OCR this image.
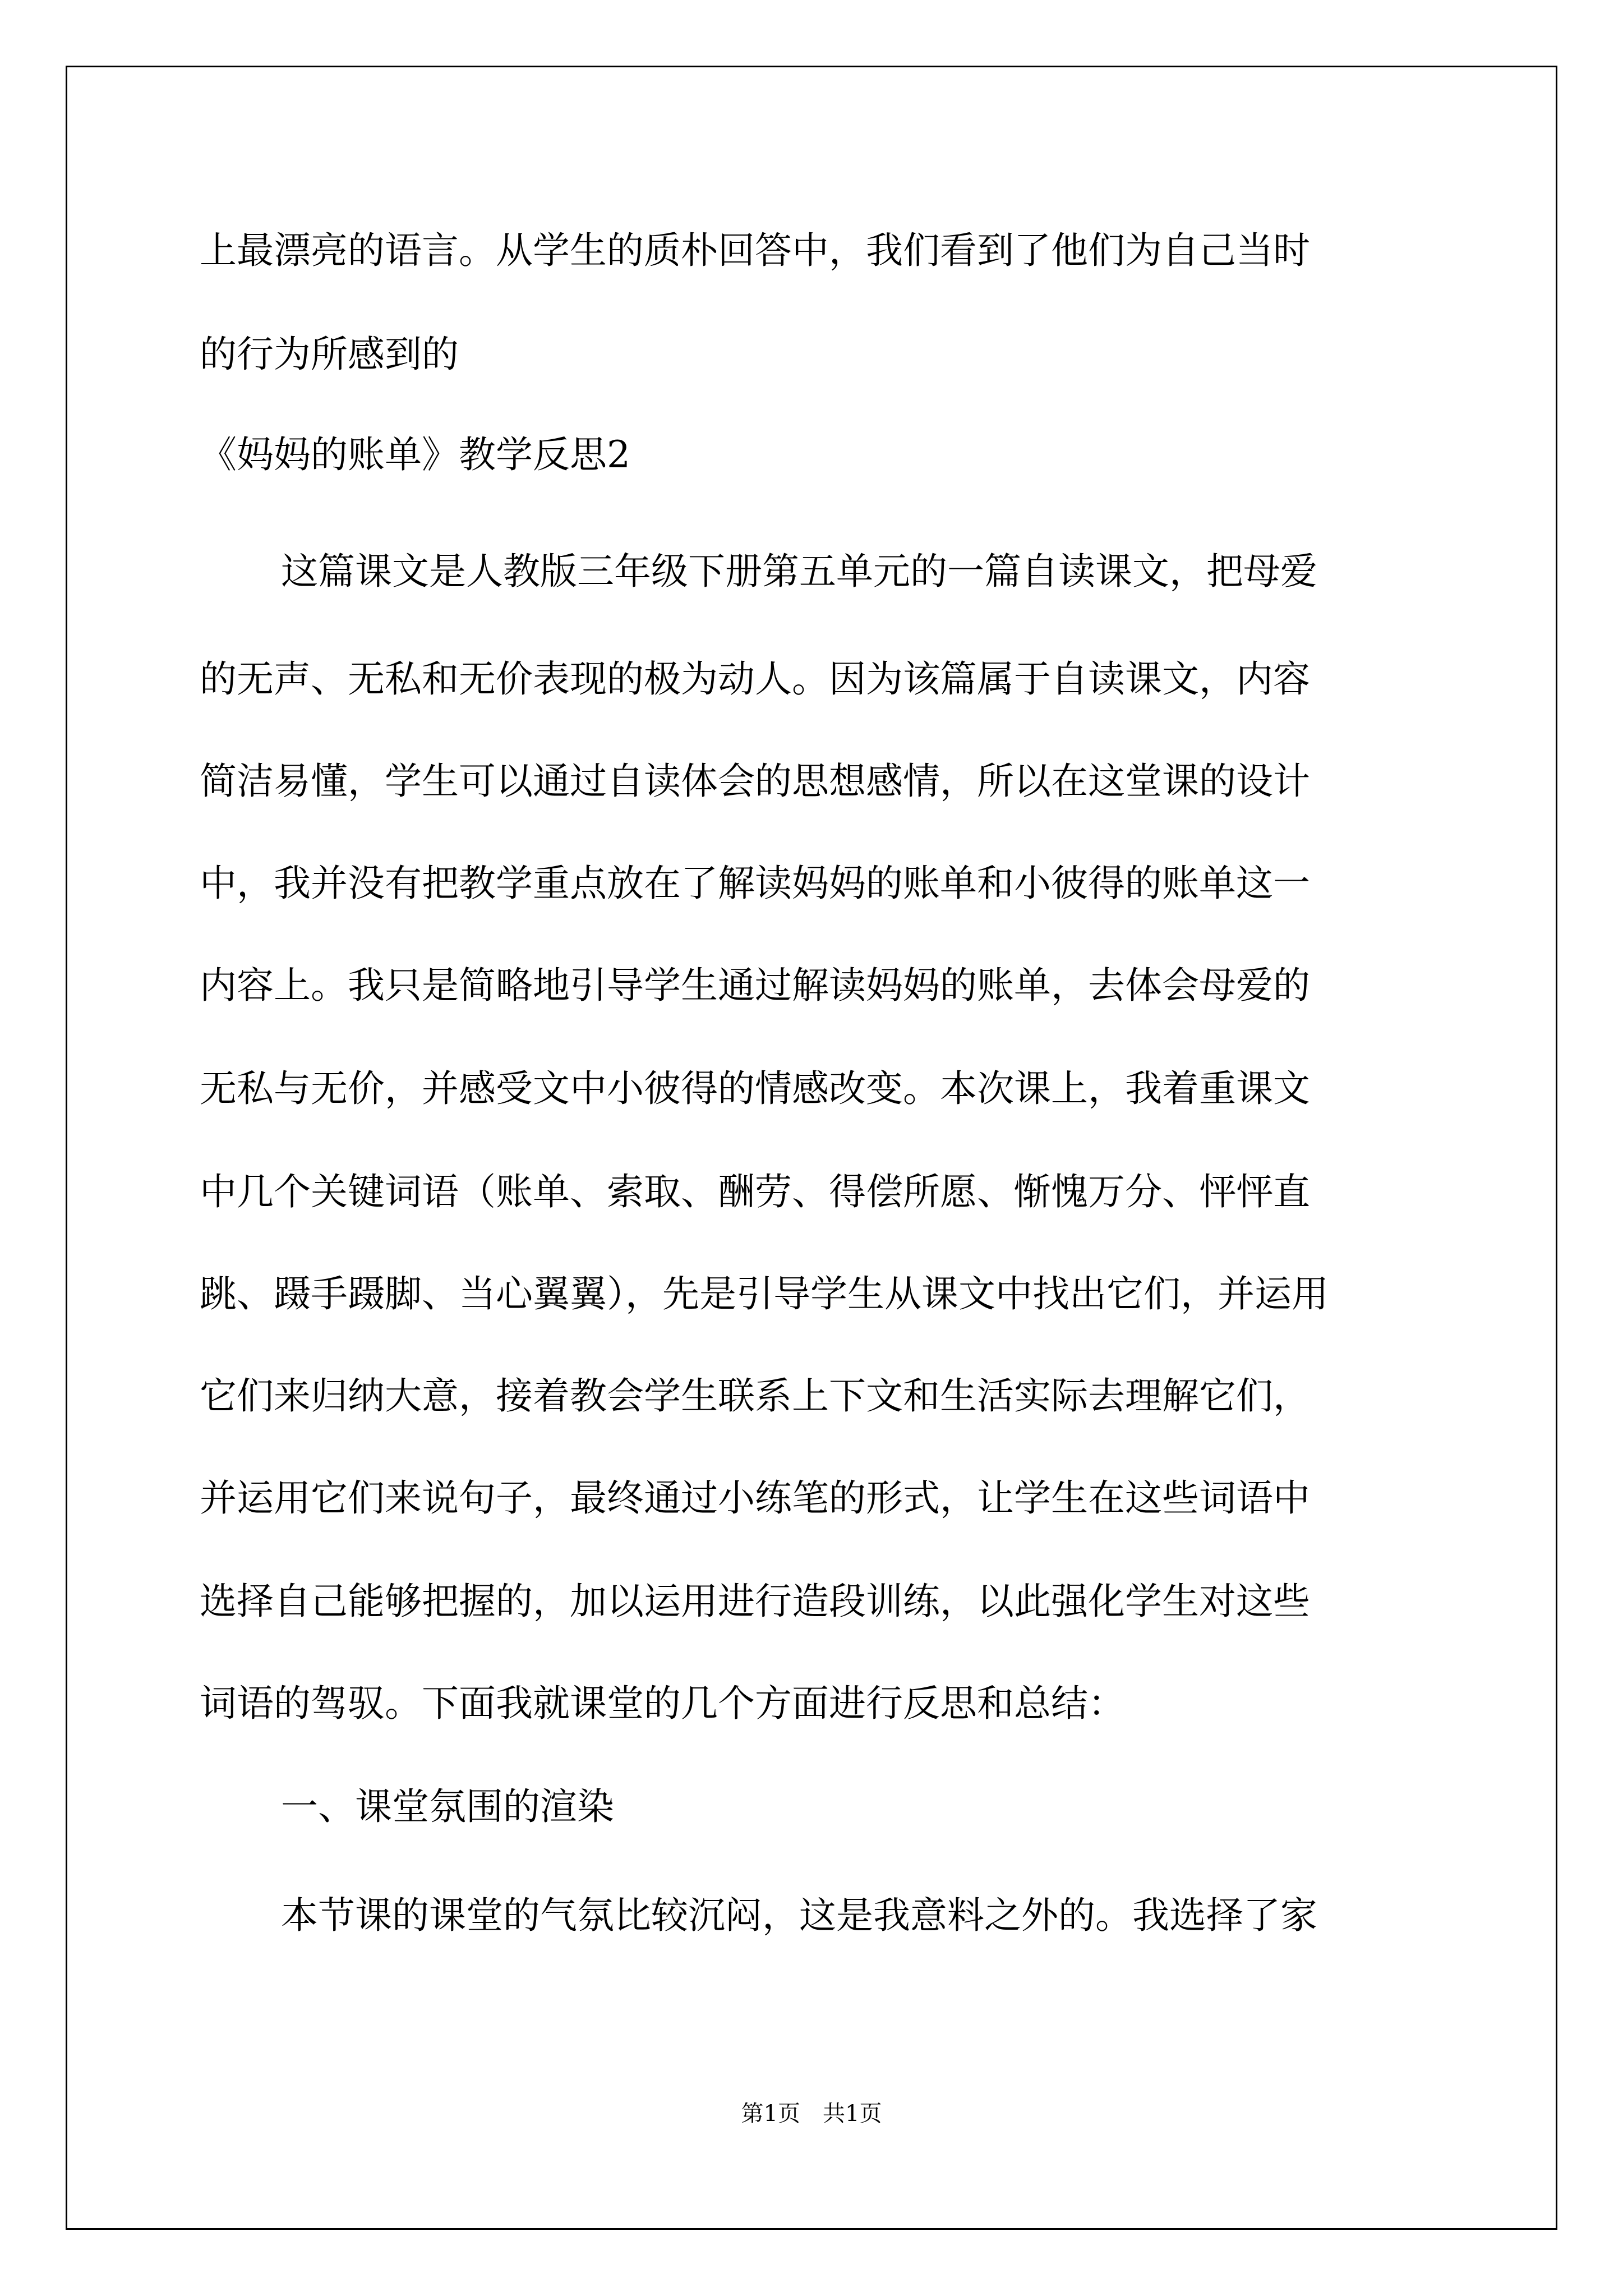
上最漂亮的语言。从学生的质朴回答中，我们看到了他们为自己当时
的行为所感到的
《妈妈的账单》教学反思2
这篇课文是人教版三年级下册第五单元的一篇自读课文，把母爱
的无声、无私和无价表现的极为动人。因为该篇属于自读课文，内容
简洁易懂，学生可以通过自读体会的思想感情，所以在这堂课的设计
中，我并没有把教学重点放在了解读妈妈的账单和小彼得的账单这一
内容上。我只是简略地引导学生通过解读妈妈的账单，去体会母爱的
无私与无价，并感受文中小彼得的情感改变。本次课上，我着重课文
中几个关键词语（账单、索取、酬劳、得偿所愿、惭愧万分、怦怦直
跳、蹑手蹑脚、当心翼翼），先是引导学生从课文中找出它们，并运用
它们来归纳大意，接着教会学生联系上下文和生活实际去理解它们，
并运用它们来说句子，最终通过小练笔的形式，让学生在这些词语中
选择自己能够把握的，加以运用进行造段训练，以此强化学生对这些
词语的驾驭。下面我就课堂的几个方面进行反思和总结：
一、课堂氛围的渲染
本节课的课堂的气氛比较沉闷，这是我意料之外的。我选择了家
第1页　共1页
